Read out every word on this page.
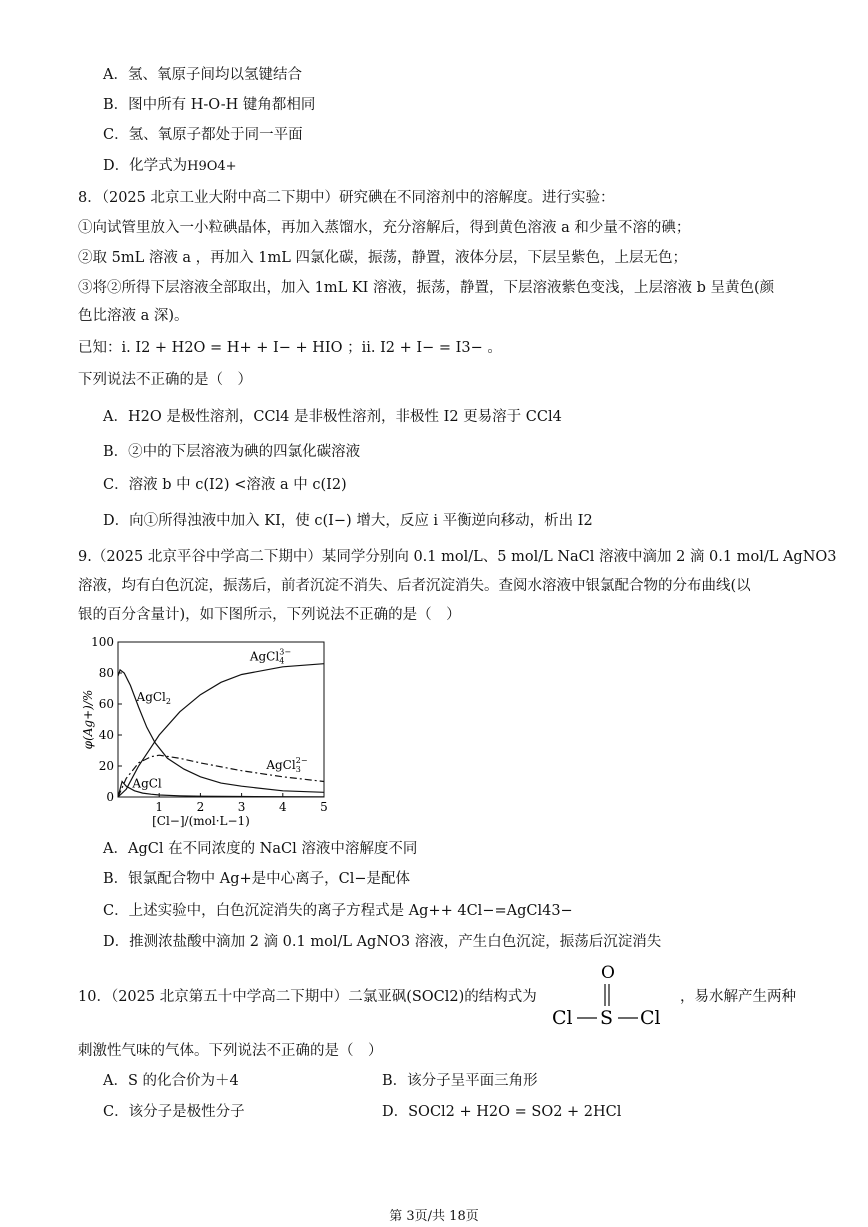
A．氢、氧原子间均以氢键结合
B．图中所有 H-O-H 键角都相同
C．氢、氧原子都处于同一平面
D．化学式为H9O4+
8．（2025 北京工业大附中高二下期中）研究碘在不同溶剂中的溶解度。进行实验：
①向试管里放入一小粒碘晶体，再加入蒸馏水，充分溶解后，得到黄色溶液 a 和少量不溶的碘；
②取 5mL 溶液 a ，再加入 1mL 四氯化碳，振荡，静置，液体分层，下层呈紫色，上层无色；
③将②所得下层溶液全部取出，加入 1mL KI 溶液，振荡，静置，下层溶液紫色变浅，上层溶液 b 呈黄色(颜
色比溶液 a 深)。
已知：i. I2 + H2O = H+ + I− + HIO ；ii. I2 + I− = I3− 。
下列说法不正确的是（　）
A．H2O 是极性溶剂，CCl4 是非极性溶剂，非极性 I2 更易溶于 CCl4
B．②中的下层溶液为碘的四氯化碳溶液
C．溶液 b 中 c(I2) <溶液 a 中 c(I2)
D．向①所得浊液中加入 KI，使 c(I−) 增大，反应 i 平衡逆向移动，析出 I2
9.（2025 北京平谷中学高二下期中）某同学分别向 0.1 mol/L、5 mol/L NaCl 溶液中滴加 2 滴 0.1 mol/L AgNO3
溶液，均有白色沉淀，振荡后，前者沉淀不消失、后者沉淀消失。查阅水溶液中银氯配合物的分布曲线(以
银的百分含量计)，如下图所示，下列说法不正确的是（　）
0
20
40
60
80
100
1	2	3	4	5
φ(Ag+)/%
[Cl−]/(mol·L−1)
AgCl
AgCl$_2$
AgCl$_3$2−
AgCl$_4$3−
A．AgCl 在不同浓度的 NaCl 溶液中溶解度不同
B．银氯配合物中 Ag+是中心离子，Cl−是配体
C．上述实验中，白色沉淀消失的离子方程式是 Ag++ 4Cl−=AgCl43−
D．推测浓盐酸中滴加 2 滴 0.1 mol/L AgNO3 溶液，产生白色沉淀，振荡后沉淀消失
10．（2025 北京第五十中学高二下期中）二氯亚砜(SOCl2)的结构式为
O
Cl S Cl
，易水解产生两种
刺激性气味的气体。下列说法不正确的是（　）
A．S 的化合价为＋4	B．该分子呈平面三角形
C．该分子是极性分子	D．SOCl2 + H2O = SO2 + 2HCl
第 3页/共 18页
